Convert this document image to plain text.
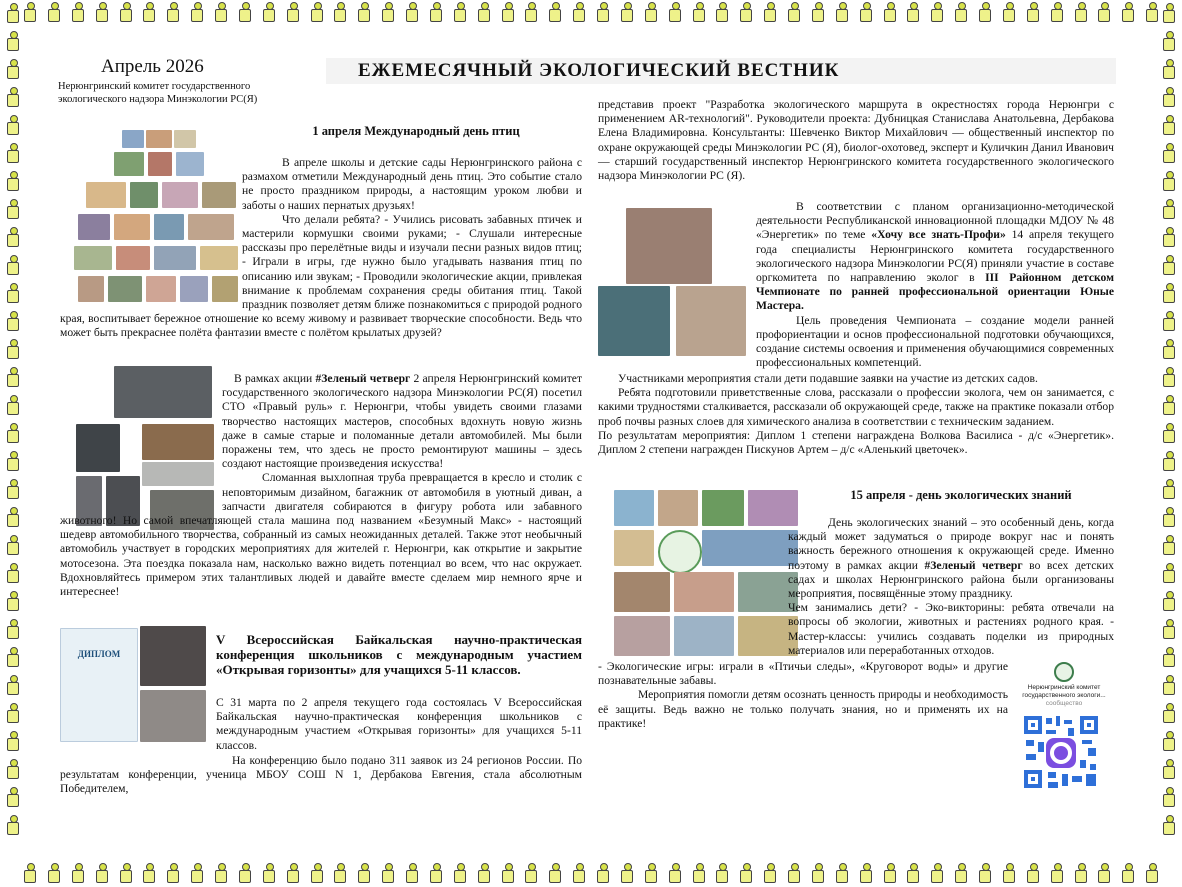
Апрель 2026
Нерюнгринский комитет государственного
экологического надзора Минэкологии РС(Я)
ЕЖЕМЕСЯЧНЫЙ ЭКОЛОГИЧЕСКИЙ ВЕСТНИК
1 апреля Международный день птиц
ДИПЛОМ
V Всероссийская Байкальская научно-практическая конференция школьников с международным участием «Открывая горизонты» для учащихся 5-11 классов.

С 31 марта по 2 апреля текущего года состоялась V Всероссийская Байкальская научно-практическая конференция школьников с международным участием «Открывая горизонты» для учащихся 5-11 классов.

На конференцию было подано 311 заявок из 24 регионов России. По результатам конференции, ученица МБОУ СОШ N 1, Дербакова Евгения, стала абсолютным Победителем,

представив проект "Разработка экологического маршрута в окрестностях города Нерюнгри с применением AR-технологий". Руководители проекта: Дубницкая Станислава Анатольевна, Дербакова Елена Владимировна. Консультанты: Шевченко Виктор Михайлович — общественный инспектор по охране окружающей среды Минэкологии РС (Я), биолог-охотовед, эксперт и Куличкин Данил Иванович — старший государственный инспектор Нерюнгринского комитета государственного экологического надзора Минэкологии РС (Я).

В соответствии с планом организационно-методической деятельности Республиканской инновационной площадки МДОУ № 48 «Энергетик» по теме «Хочу все знать-Профи» 14 апреля текущего года специалисты Нерюнгринского комитета государственного экологического надзора Минэкологии РС(Я) приняли участие в составе оргкомитета по направлению эколог в III Районном детском Чемпионате по ранней профессиональной ориентации Юные Мастера.

Цель проведения Чемпионата – создание модели ранней профориентации и основ профессиональной подготовки обучающихся, создание системы освоения и применения обучающимися современных профессиональных компетенций.

Участниками мероприятия стали дети подавшие заявки на участие из детских садов.

Ребята подготовили приветственные слова, рассказали о профессии эколога, чем он занимается, с какими трудностями сталкивается, рассказали об окружающей среде, также на практике показали отбор проб почвы разных слоев для химического анализа в соответствии с техническим заданием.

По результатам мероприятия: Диплом 1 степени награждена Волкова Василиса - д/с «Энергетик». Диплом 2 степени награжден Пискунов Артем – д/с «Аленький цветочек».

15 апреля - день экологических знаний

День экологических знаний – это особенный день, когда каждый может задуматься о природе вокруг нас и понять важность бережного отношения к окружающей среде. Именно поэтому в рамках акции #Зеленый четверг во всех детских садах и школах Нерюнгринского района были организованы мероприятия, посвящённые этому празднику.

Чем занимались дети? - Эко-викторины: ребята отвечали на вопросы об экологии, животных и растениях родного края. - Мастер-классы: учились создавать поделки из природных материалов или переработанных отходов.

- Экологические игры: играли в «Птичьи следы», «Круговорот воды» и другие познавательные забавы.

Мероприятия помогли детям осознать ценность природы и необходимость её защиты. Ведь важно не только получать знания, но и применять их на практике!

Нерюнгринский комитет
государственного экологи...
сообщество

В апреле школы и детские сады Нерюнгринского района с размахом отметили Международный день птиц. Это событие стало не просто праздником природы, а настоящим уроком любви и заботы о наших пернатых друзьях!

Что делали ребята? - Учились рисовать забавных птичек и мастерили кормушки своими руками; - Слушали интересные рассказы про перелётные виды и изучали песни разных видов птиц; - Играли в игры, где нужно было угадывать названия птиц по описанию или звукам; - Проводили экологические акции, привлекая внимание к проблемам сохранения среды обитания птиц. Такой праздник позволяет детям ближе познакомиться с природой родного края, воспитывает бережное отношение ко всему живому и развивает творческие способности. Ведь что может быть прекраснее полёта фантазии вместе с полётом крылатых друзей?

В рамках акции #Зеленый четверг 2 апреля Нерюнгринский комитет государственного экологического надзора Минэкологии РС(Я) посетил СТО «Правый руль» г. Нерюнгри, чтобы увидеть своими глазами творчество настоящих мастеров, способных вдохнуть новую жизнь даже в самые старые и поломанные детали автомобилей. Мы были поражены тем, что здесь не просто ремонтируют машины – здесь создают настоящие произведения искусства!

Сломанная выхлопная труба превращается в кресло и столик с неповторимым дизайном, багажник от автомобиля в уютный диван, а запчасти двигателя собираются в фигуру робота или забавного животного! Но самой впечатляющей стала машина под названием «Безумный Макс» - настоящий шедевр автомобильного творчества, собранный из самых неожиданных деталей. Также этот необычный автомобиль участвует в городских мероприятиях для жителей г. Нерюнгри, как открытие и закрытие мотосезона. Эта поездка показала нам, насколько важно видеть потенциал во всем, что нас окружает. Вдохновляйтесь примером этих талантливых людей и давайте вместе сделаем мир немного ярче и интереснее!
